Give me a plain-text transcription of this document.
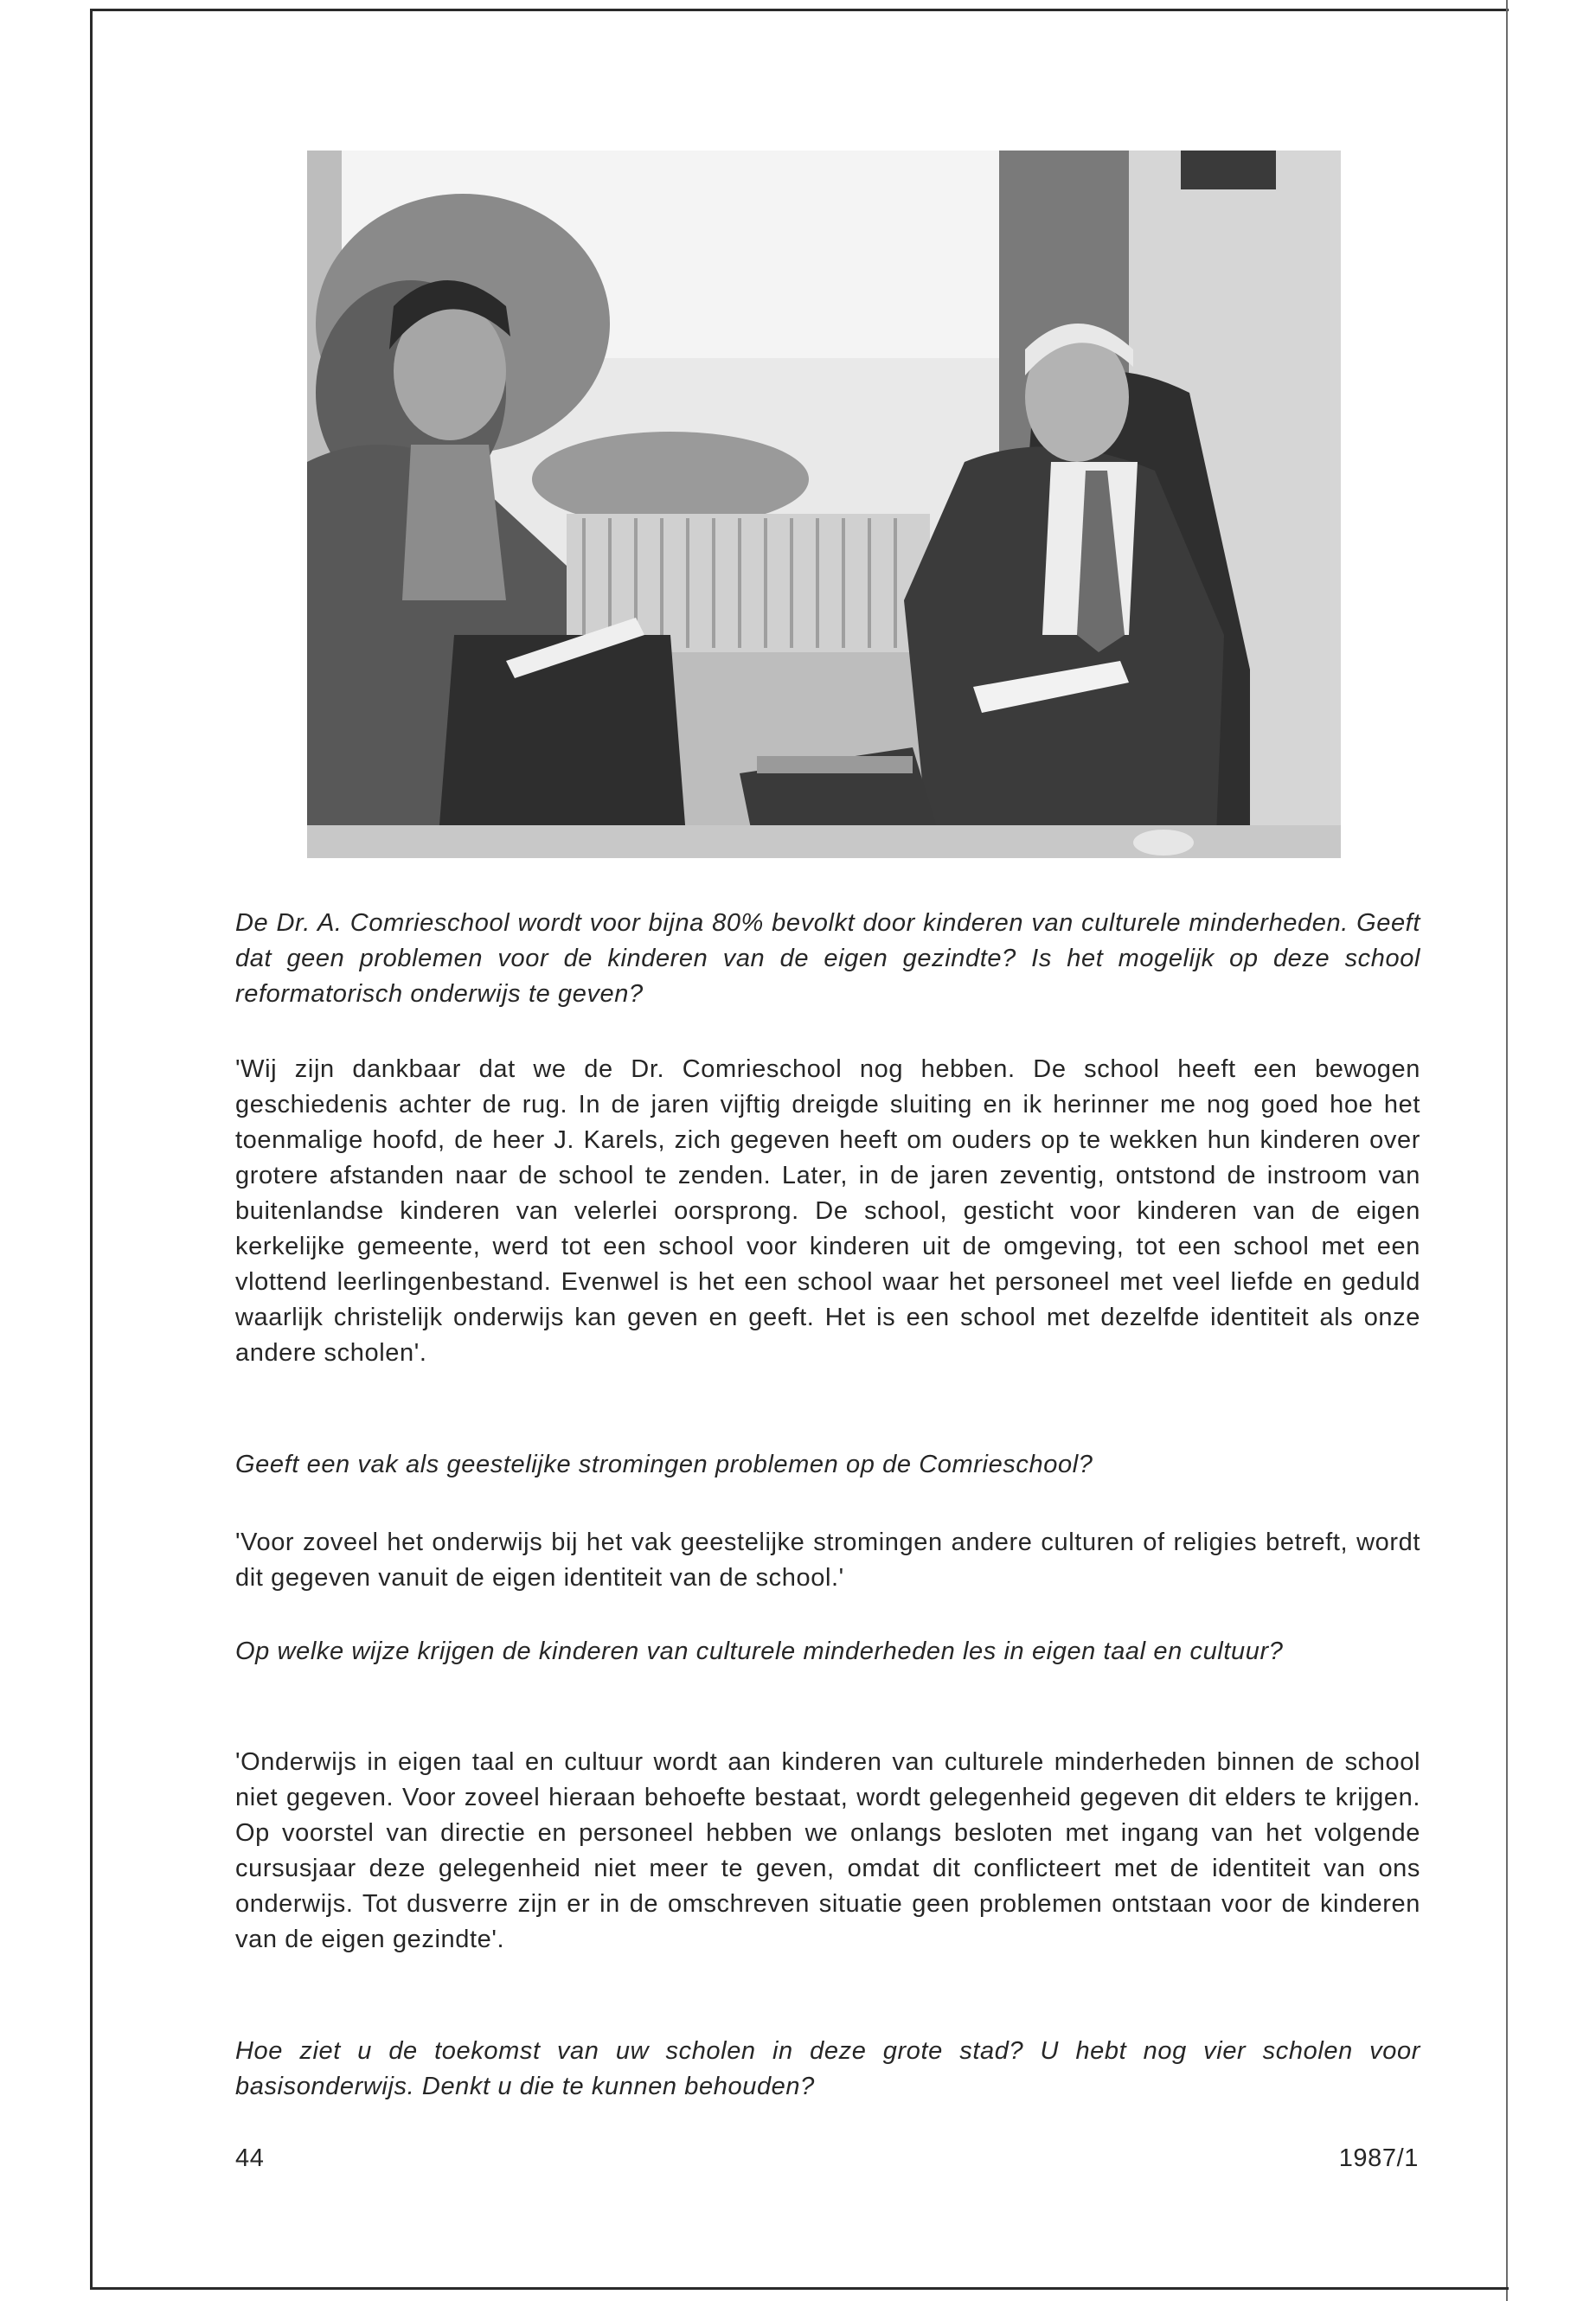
De Dr. A. Comrieschool wordt voor bijna 80% bevolkt door kinderen van culturele minderheden. Geeft dat geen problemen voor de kinderen van de eigen gezindte? Is het mogelijk op deze school reformatorisch onderwijs te geven?

'Wij zijn dankbaar dat we de Dr. Comrieschool nog hebben. De school heeft een bewogen geschiedenis achter de rug. In de jaren vijftig dreigde sluiting en ik herinner me nog goed hoe het toenmalige hoofd, de heer J. Karels, zich gegeven heeft om ouders op te wekken hun kinderen over grotere afstanden naar de school te zenden. Later, in de jaren zeventig, ontstond de instroom van buitenlandse kinderen van velerlei oorsprong. De school, gesticht voor kinderen van de eigen kerkelijke gemeente, werd tot een school voor kinderen uit de omgeving, tot een school met een vlottend leerlingenbestand. Evenwel is het een school waar het personeel met veel liefde en geduld waarlijk christelijk onderwijs kan geven en geeft. Het is een school met dezelfde identiteit als onze andere scholen'.

Geeft een vak als geestelijke stromingen problemen op de Comrieschool?

'Voor zoveel het onderwijs bij het vak geestelijke stromingen andere culturen of religies betreft, wordt dit gegeven vanuit de eigen identiteit van de school.'

Op welke wijze krijgen de kinderen van culturele minderheden les in eigen taal en cultuur?

'Onderwijs in eigen taal en cultuur wordt aan kinderen van culturele minderheden binnen de school niet gegeven. Voor zoveel hieraan behoefte bestaat, wordt gelegenheid gegeven dit elders te krijgen. Op voorstel van directie en personeel hebben we onlangs besloten met ingang van het volgende cursusjaar deze gelegenheid niet meer te geven, omdat dit conflicteert met de identiteit van ons onderwijs. Tot dusverre zijn er in de omschreven situatie geen problemen ontstaan voor de kinderen van de eigen gezindte'.

Hoe ziet u de toekomst van uw scholen in deze grote stad? U hebt nog vier scholen voor basisonderwijs. Denkt u die te kunnen behouden?

44	1987/1
